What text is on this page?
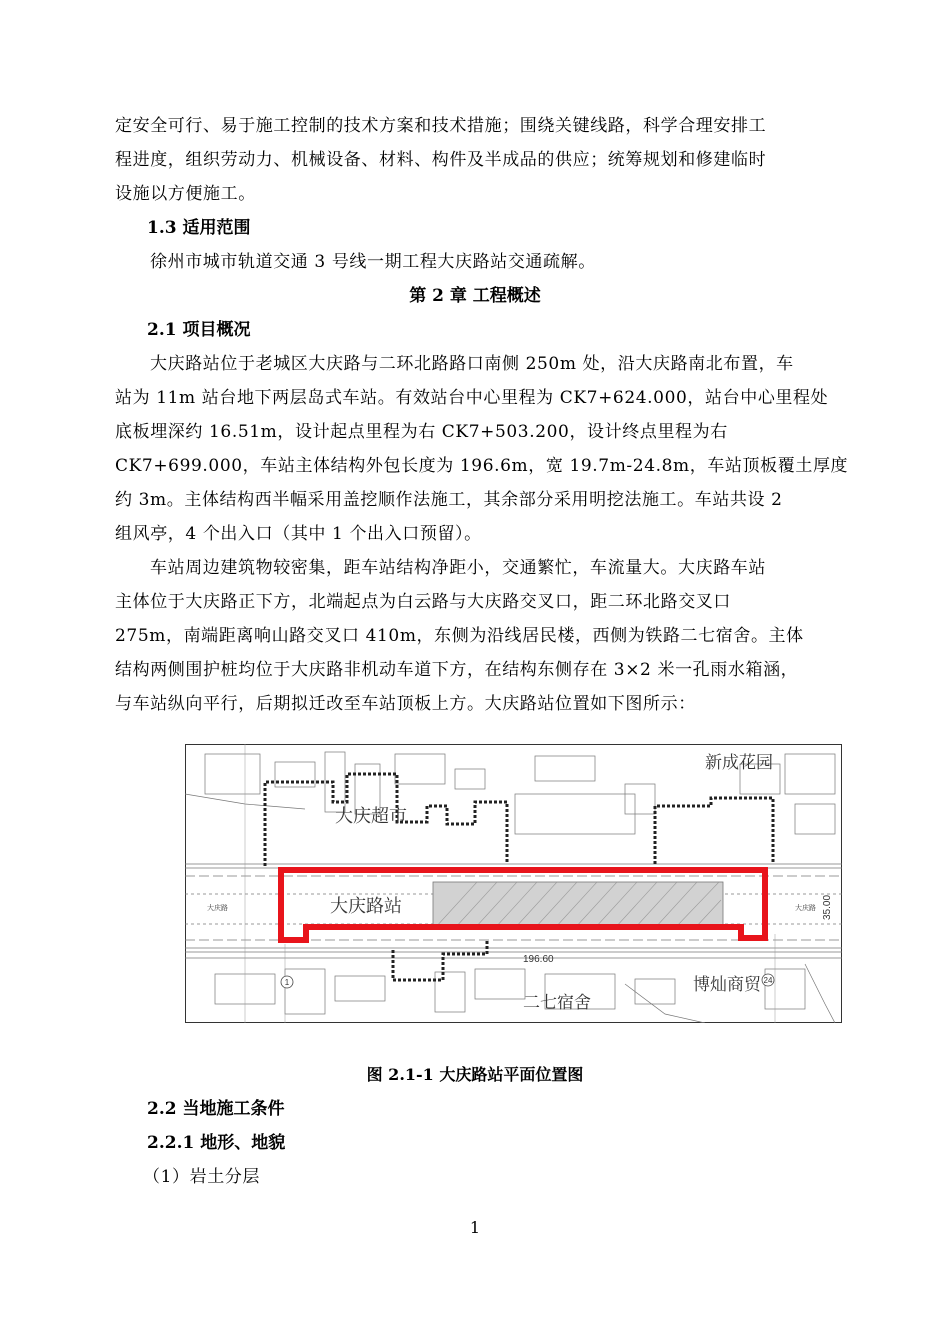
定安全可行、易于施工控制的技术方案和技术措施；围绕关键线路，科学合理安排工
程进度，组织劳动力、机械设备、材料、构件及半成品的供应；统筹规划和修建临时
设施以方便施工。
1.3 适用范围
徐州市城市轨道交通 3 号线一期工程大庆路站交通疏解。
第 2 章 工程概述
2.1 项目概况
大庆路站位于老城区大庆路与二环北路路口南侧 250m 处，沿大庆路南北布置，车
站为 11m 站台地下两层岛式车站。有效站台中心里程为 CK7+624.000，站台中心里程处
底板埋深约 16.51m，设计起点里程为右 CK7+503.200，设计终点里程为右
CK7+699.000，车站主体结构外包长度为 196.6m，宽 19.7m-24.8m，车站顶板覆土厚度
约 3m。主体结构西半幅采用盖挖顺作法施工，其余部分采用明挖法施工。车站共设 2
组风亭，4 个出入口（其中 1 个出入口预留）。
车站周边建筑物较密集，距车站结构净距小，交通繁忙，车流量大。大庆路车站
主体位于大庆路正下方，北端起点为白云路与大庆路交叉口，距二环北路交叉口
275m，南端距离响山路交叉口 410m，东侧为沿线居民楼，西侧为铁路二七宿舍。主体
结构两侧围护桩均位于大庆路非机动车道下方，在结构东侧存在 3×2 米一孔雨水箱涵，
与车站纵向平行，后期拟迁改至车站顶板上方。大庆路站位置如下图所示：
大庆超市
大庆路站
新成花园
二七宿舍
博灿商贸
大庆路	大庆路
196.60
35.00
1	24
图 2.1-1 大庆路站平面位置图
2.2 当地施工条件
2.2.1 地形、地貌
（1）岩土分层
1
